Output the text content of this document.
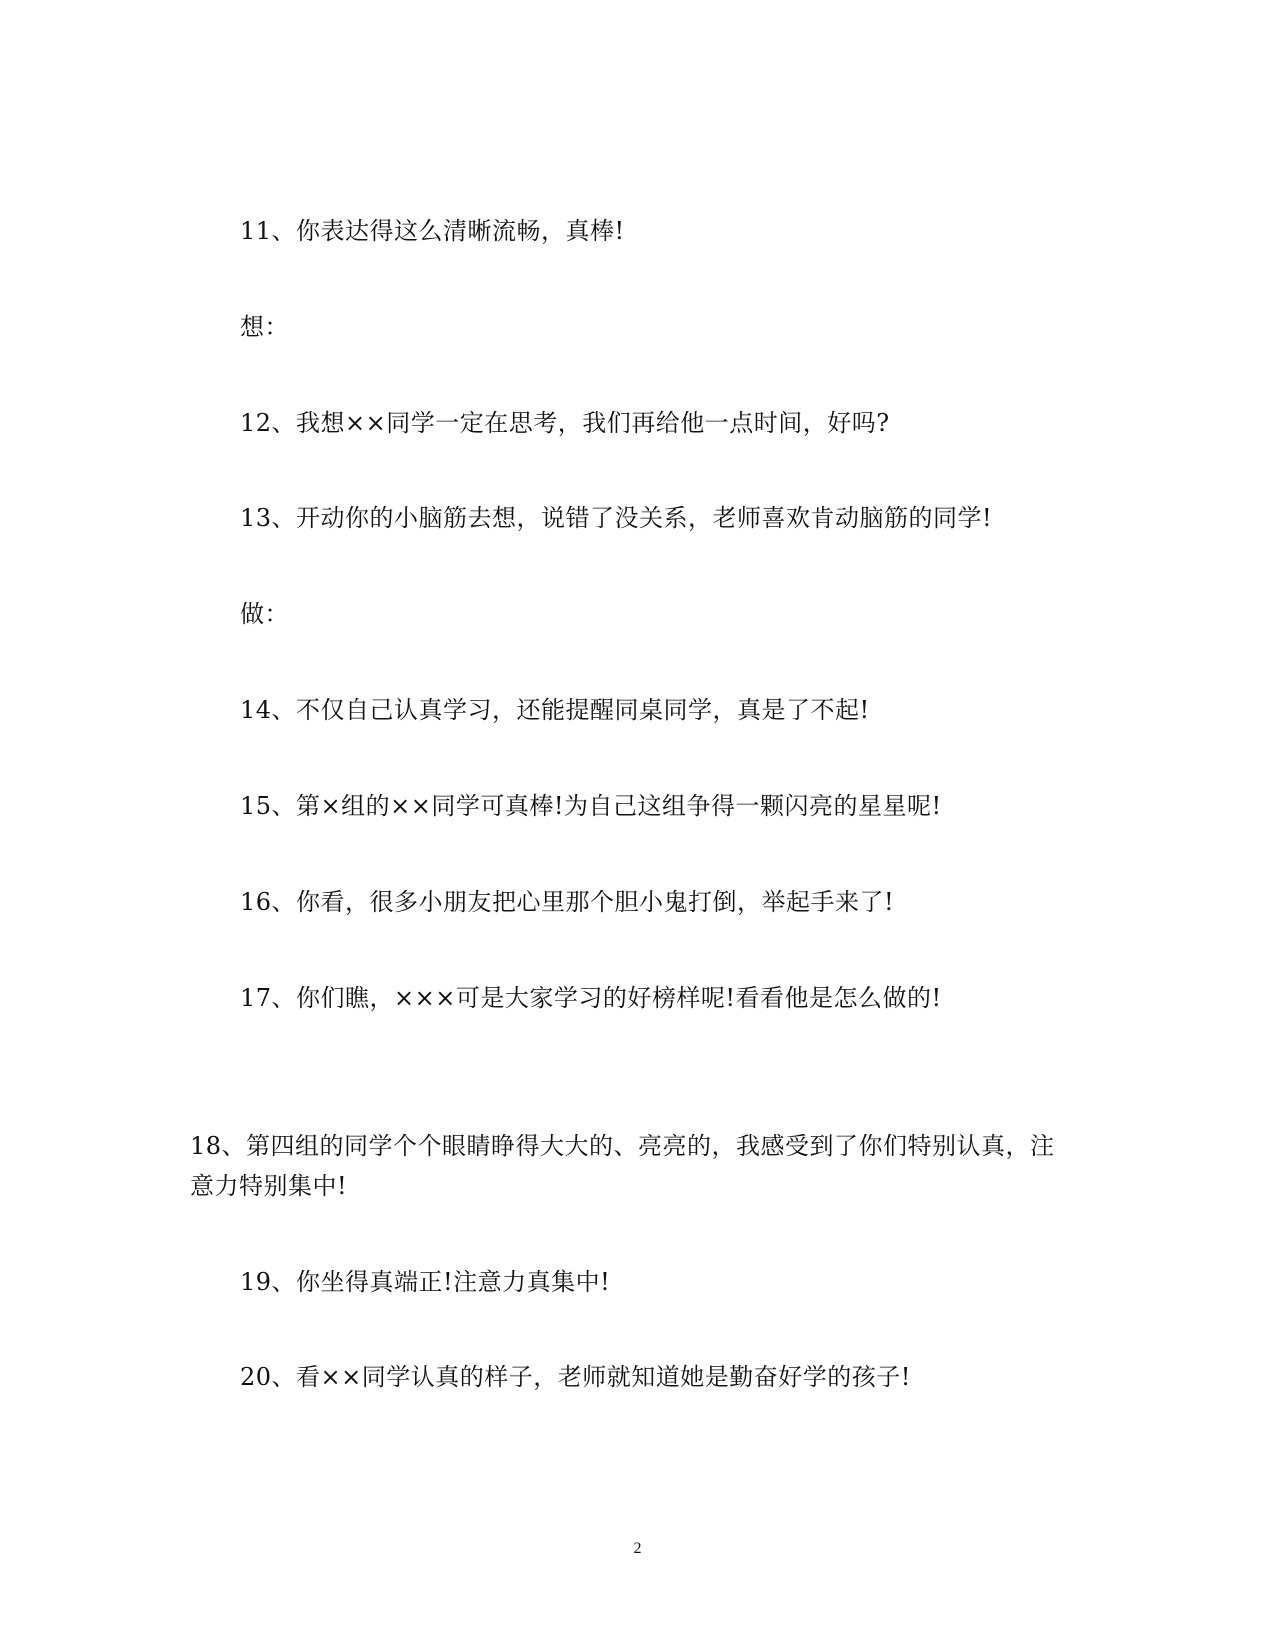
11、你表达得这么清晰流畅，真棒!

想：

12、我想××同学一定在思考，我们再给他一点时间，好吗?

13、开动你的小脑筋去想，说错了没关系，老师喜欢肯动脑筋的同学!

做：

14、不仅自己认真学习，还能提醒同桌同学，真是了不起!

15、第×组的××同学可真棒!为自己这组争得一颗闪亮的星星呢!

16、你看，很多小朋友把心里那个胆小鬼打倒，举起手来了!

17、你们瞧，×××可是大家学习的好榜样呢!看看他是怎么做的!

18、第四组的同学个个眼睛睁得大大的、亮亮的，我感受到了你们特别认真，注意力特别集中!

19、你坐得真端正!注意力真集中!

20、看××同学认真的样子，老师就知道她是勤奋好学的孩子!

2
